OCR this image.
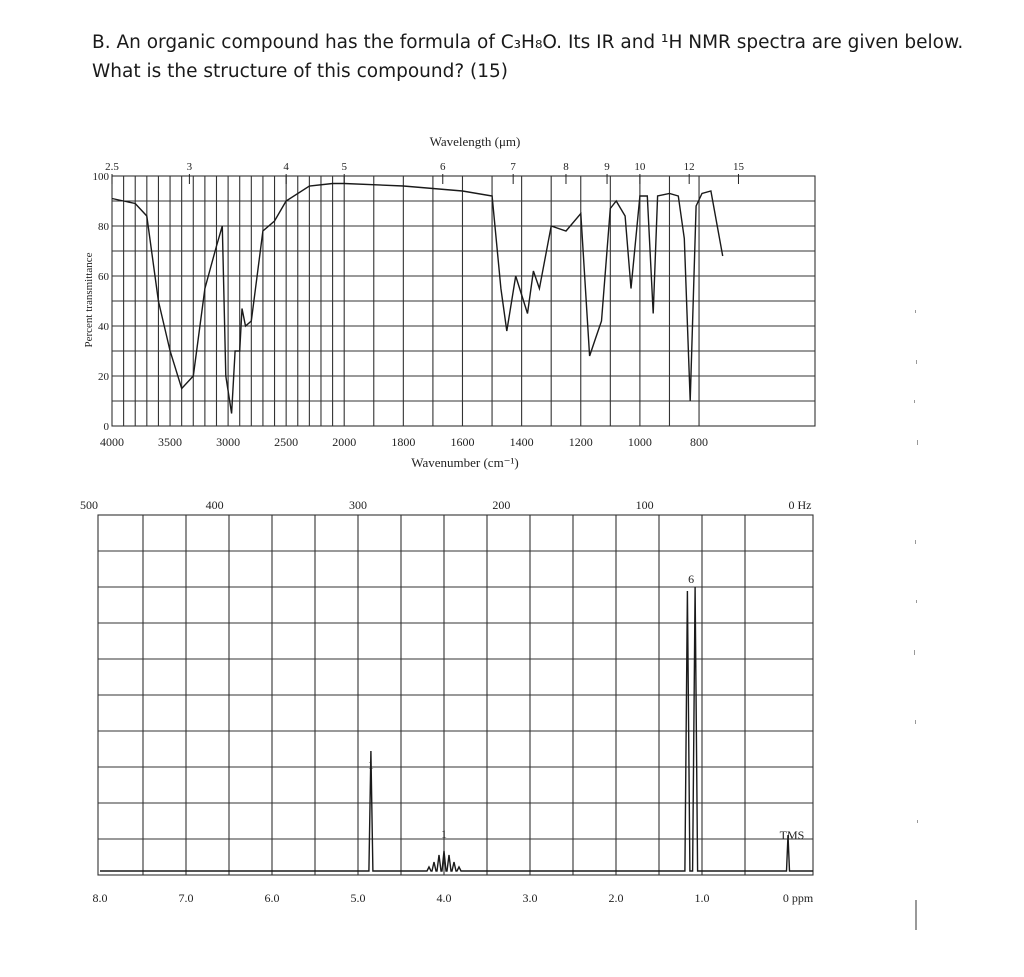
B. An organic compound has the formula of C₃H₈O. Its IR and ¹H NMR spectra are given below.
What is the structure of this compound? (15)
Wavelength (μm)
2.5	3	4	5	6	7	8	9 10	12	15
4000	3500	3000	2500	2000	1800	1600	1400	1200	1000	800
100
80
60
40
20
0
Wavenumber (cm⁻¹)
Percent transmittance
500	400	300	200	100	0 Hz
8.0	7.0	6.0	5.0	4.0	3.0	2.0	1.0	0 ppm
1
1
6
TMS
